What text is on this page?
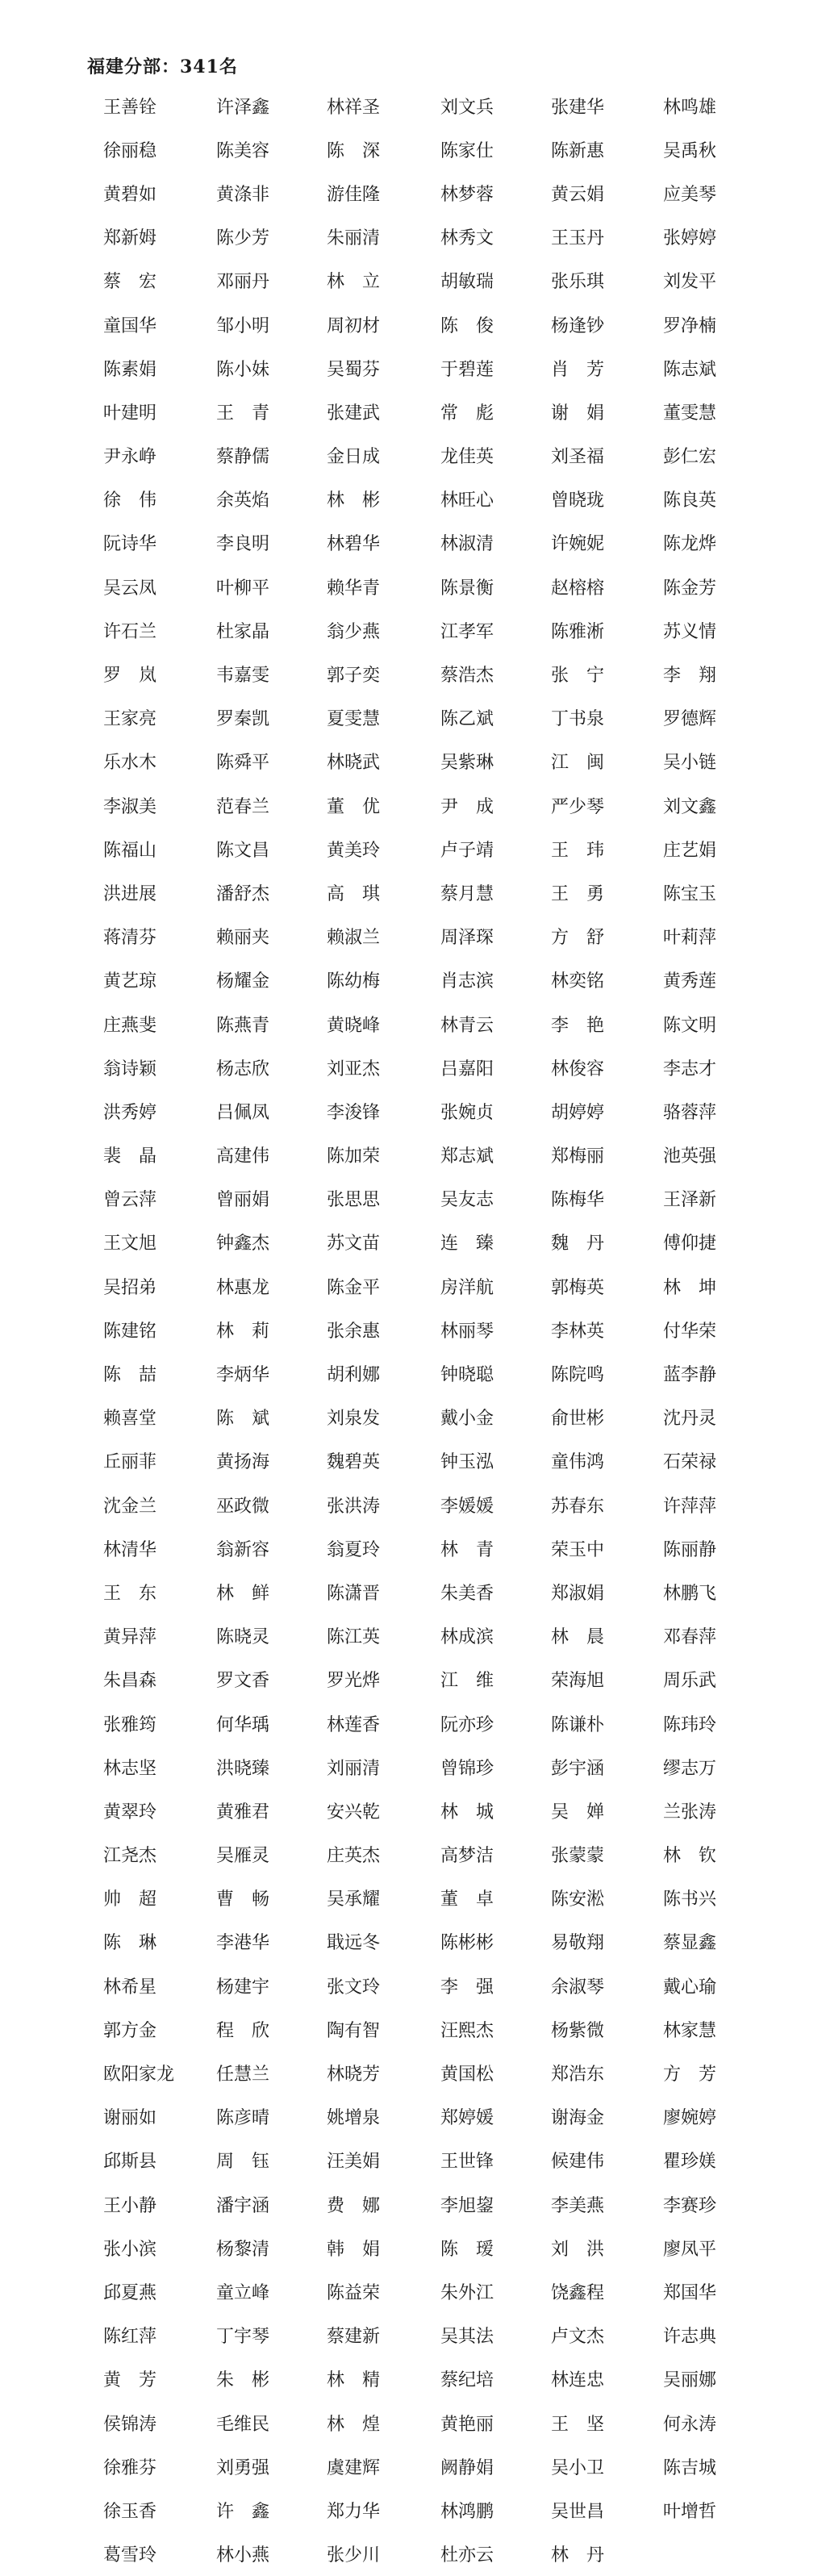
福建分部：341名
王善铨	许泽鑫	林祥圣	刘文兵	张建华	林鸣雄
徐丽稳	陈美容	陈　深	陈家仕	陈新惠	吴禹秋
黄碧如	黄涤非	游佳隆	林梦蓉	黄云娟	应美琴
郑新姆	陈少芳	朱丽清	林秀文	王玉丹	张婷婷
蔡　宏	邓丽丹	林　立	胡敏瑞	张乐琪	刘发平
童国华	邹小明	周初材	陈　俊	杨逢钞	罗净楠
陈素娟	陈小妹	吴蜀芬	于碧莲	肖　芳	陈志斌
叶建明	王　青	张建武	常　彪	谢　娟	董雯慧
尹永峥	蔡静儒	金日成	龙佳英	刘圣福	彭仁宏
徐　伟	余英焰	林　彬	林旺心	曾晓珑	陈良英
阮诗华	李良明	林碧华	林淑清	许婉妮	陈龙烨
吴云凤	叶柳平	赖华青	陈景衡	赵榕榕	陈金芳
许石兰	杜家晶	翁少燕	江孝军	陈雅淅	苏义情
罗　岚	韦嘉雯	郭子奕	蔡浩杰	张　宁	李　翔
王家亮	罗秦凯	夏雯慧	陈乙斌	丁书泉	罗德辉
乐水木	陈舜平	林晓武	吴紫琳	江　闽	吴小链
李淑美	范春兰	董　优	尹　成	严少琴	刘文鑫
陈福山	陈文昌	黄美玲	卢子靖	王　玮	庄艺娟
洪进展	潘舒杰	高　琪	蔡月慧	王　勇	陈宝玉
蒋清芬	赖丽夹	赖淑兰	周泽琛	方　舒	叶莉萍
黄艺琼	杨耀金	陈幼梅	肖志滨	林奕铭	黄秀莲
庄燕斐	陈燕青	黄晓峰	林青云	李　艳	陈文明
翁诗颖	杨志欣	刘亚杰	吕嘉阳	林俊容	李志才
洪秀婷	吕佩凤	李浚锋	张婉贞	胡婷婷	骆蓉萍
裴　晶	高建伟	陈加荣	郑志斌	郑梅丽	池英强
曾云萍	曾丽娟	张思思	吴友志	陈梅华	王泽新
王文旭	钟鑫杰	苏文苗	连　臻	魏　丹	傅仰捷
吴招弟	林惠龙	陈金平	房洋航	郭梅英	林　坤
陈建铭	林　莉	张余惠	林丽琴	李林英	付华荣
陈　喆	李炳华	胡利娜	钟晓聪	陈院鸣	蓝李静
赖喜堂	陈　斌	刘泉发	戴小金	俞世彬	沈丹灵
丘丽菲	黄扬海	魏碧英	钟玉泓	童伟鸿	石荣禄
沈金兰	巫政微	张洪涛	李媛媛	苏春东	许萍萍
林清华	翁新容	翁夏玲	林　青	荣玉中	陈丽静
王　东	林　鲜	陈潇晋	朱美香	郑淑娟	林鹏飞
黄异萍	陈晓灵	陈江英	林成滨	林　晨	邓春萍
朱昌森	罗文香	罗光烨	江　维	荣海旭	周乐武
张雅筠	何华瑀	林莲香	阮亦珍	陈谦朴	陈玮玲
林志坚	洪晓臻	刘丽清	曾锦珍	彭宇涵	缪志万
黄翠玲	黄雅君	安兴乾	林　城	吴　婵	兰张涛
江尧杰	吴雁灵	庄英杰	高梦洁	张蒙蒙	林　钦
帅　超	曹　畅	吴承耀	董　卓	陈安淞	陈书兴
陈　琳	李港华	戢远冬	陈彬彬	易敬翔	蔡显鑫
林希星	杨建宇	张文玲	李　强	余淑琴	戴心瑜
郭方金	程　欣	陶有智	汪熙杰	杨紫微	林家慧
欧阳家龙 任慧兰	林晓芳	黄国松	郑浩东	方　芳
谢丽如	陈彦晴	姚增泉	郑婷媛	谢海金	廖婉婷
邱斯县	周　钰	汪美娟	王世锋	候建伟	瞿珍媄
王小静	潘宇涵	费　娜	李旭鋆	李美燕	李赛珍
张小滨	杨黎清	韩　娟	陈　瑷	刘　洪	廖凤平
邱夏燕	童立峰	陈益荣	朱外江	饶鑫程	郑国华
陈红萍	丁宇琴	蔡建新	吴其法	卢文杰	许志典
黄　芳	朱　彬	林　精	蔡纪培	林连忠	吴丽娜
侯锦涛	毛维民	林　煌	黄艳丽	王　坚	何永涛
徐雅芬	刘勇强	虞建辉	阙静娟	吴小卫	陈吉城
徐玉香	许　鑫	郑力华	林鸿鹏	吴世昌	叶增哲
葛雪玲	林小燕	张少川	杜亦云	林　丹
